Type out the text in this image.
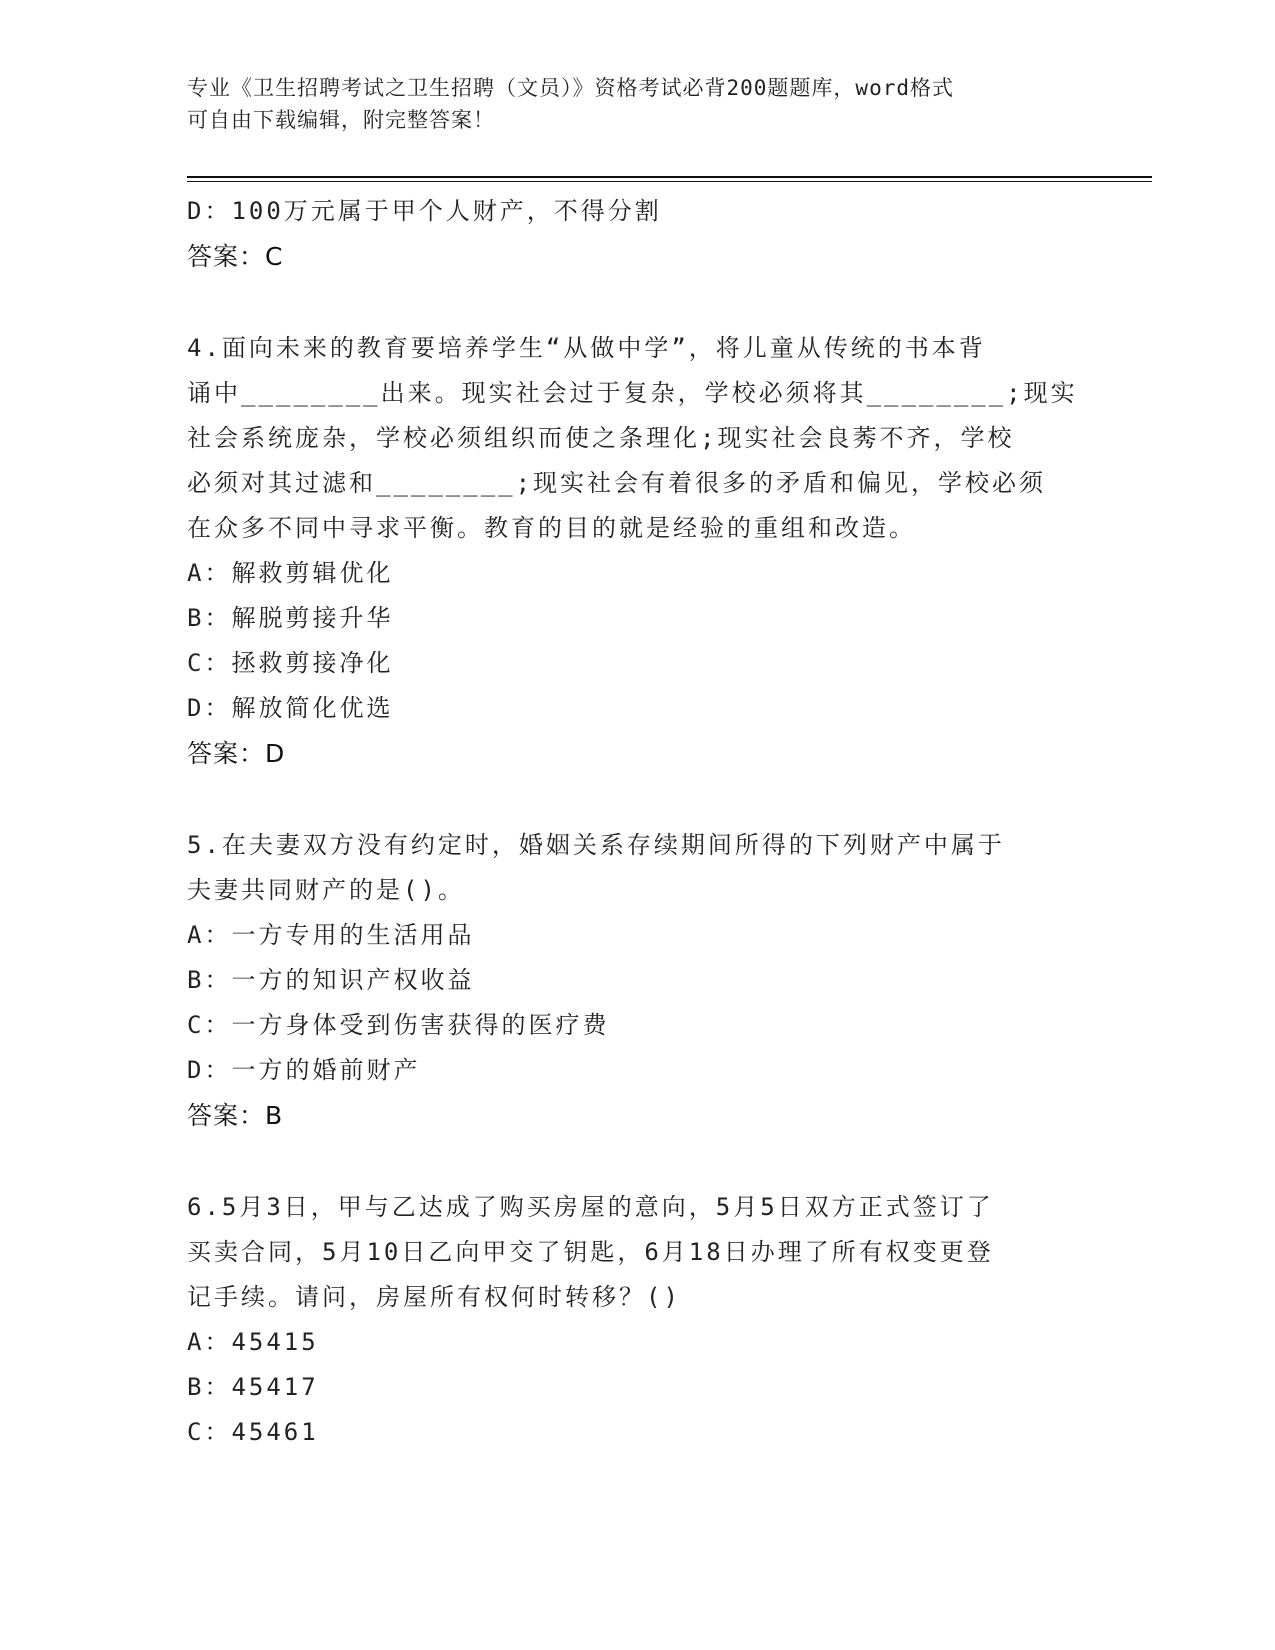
专业《卫生招聘考试之卫生招聘（文员）》资格考试必背200题题库，word格式
可自由下载编辑，附完整答案！
D：100万元属于甲个人财产，不得分割
答案：C
4.面向未来的教育要培养学生“从做中学”，将儿童从传统的书本背
诵中________出来。现实社会过于复杂，学校必须将其________;现实
社会系统庞杂，学校必须组织而使之条理化;现实社会良莠不齐，学校
必须对其过滤和________;现实社会有着很多的矛盾和偏见，学校必须
在众多不同中寻求平衡。教育的目的就是经验的重组和改造。
A：解救剪辑优化
B：解脱剪接升华
C：拯救剪接净化
D：解放简化优选
答案：D
5.在夫妻双方没有约定时，婚姻关系存续期间所得的下列财产中属于
夫妻共同财产的是()。
A：一方专用的生活用品
B：一方的知识产权收益
C：一方身体受到伤害获得的医疗费
D：一方的婚前财产
答案：B
6.5月3日，甲与乙达成了购买房屋的意向，5月5日双方正式签订了
买卖合同，5月10日乙向甲交了钥匙，6月18日办理了所有权变更登
记手续。请问，房屋所有权何时转移？()
A：45415
B：45417
C：45461
